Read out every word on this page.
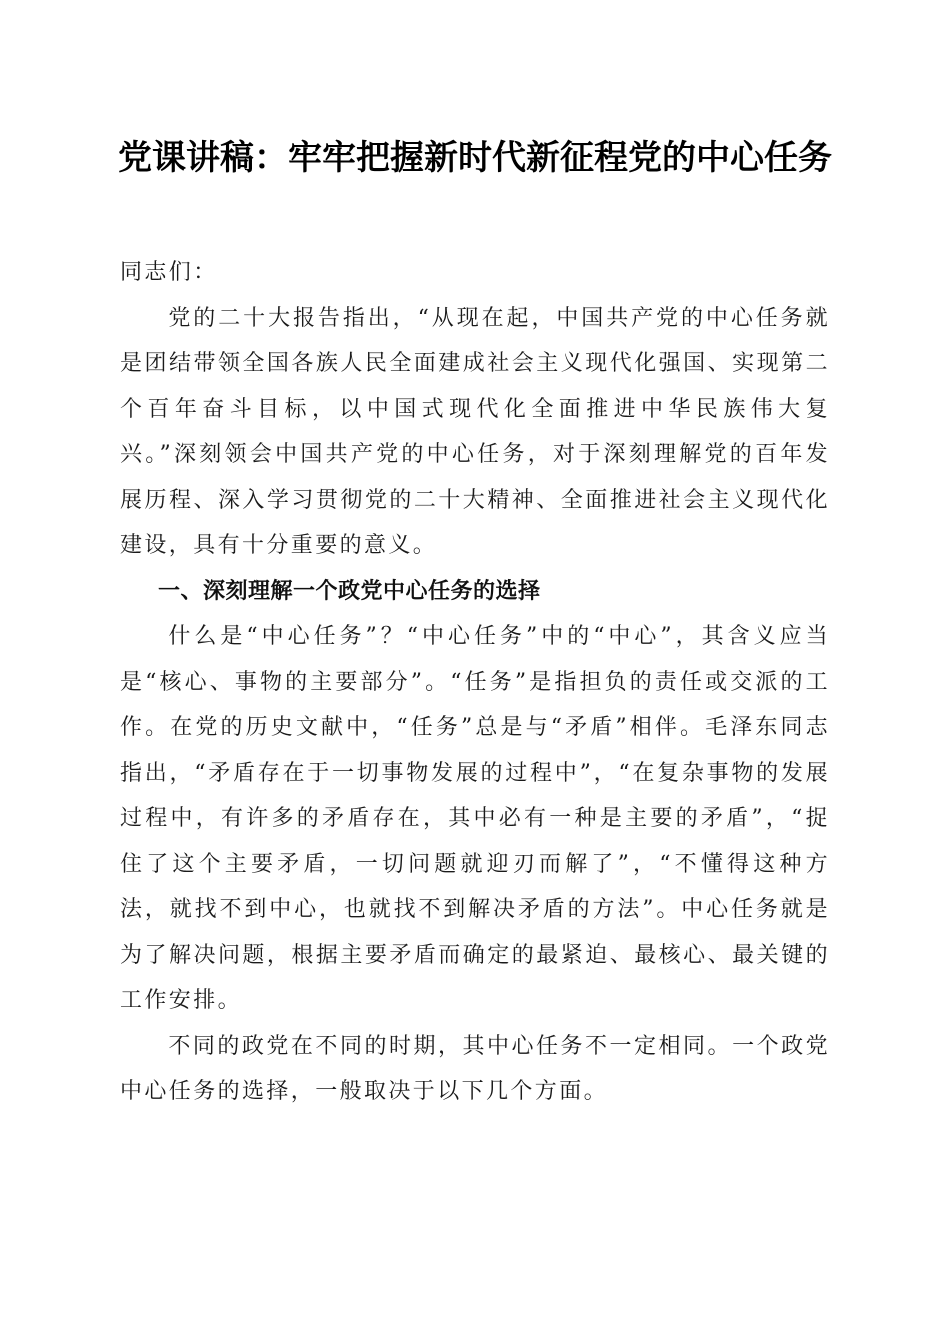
党课讲稿：牢牢把握新时代新征程党的中心任务

同志们：

党的二十大报告指出，“从现在起，中国共产党的中心任务就是团结带领全国各族人民全面建成社会主义现代化强国、实现第二个百年奋斗目标，以中国式现代化全面推进中华民族伟大复兴。”深刻领会中国共产党的中心任务，对于深刻理解党的百年发展历程、深入学习贯彻党的二十大精神、全面推进社会主义现代化建设，具有十分重要的意义。

一、深刻理解一个政党中心任务的选择

什么是“中心任务”？“中心任务”中的“中心”，其含义应当是“核心、事物的主要部分”。“任务”是指担负的责任或交派的工作。在党的历史文献中，“任务”总是与“矛盾”相伴。毛泽东同志指出，“矛盾存在于一切事物发展的过程中”，“在复杂事物的发展过程中，有许多的矛盾存在，其中必有一种是主要的矛盾”，“捉住了这个主要矛盾，一切问题就迎刃而解了”，“不懂得这种方法，就找不到中心，也就找不到解决矛盾的方法”。中心任务就是为了解决问题，根据主要矛盾而确定的最紧迫、最核心、最关键的工作安排。

不同的政党在不同的时期，其中心任务不一定相同。一个政党中心任务的选择，一般取决于以下几个方面。
